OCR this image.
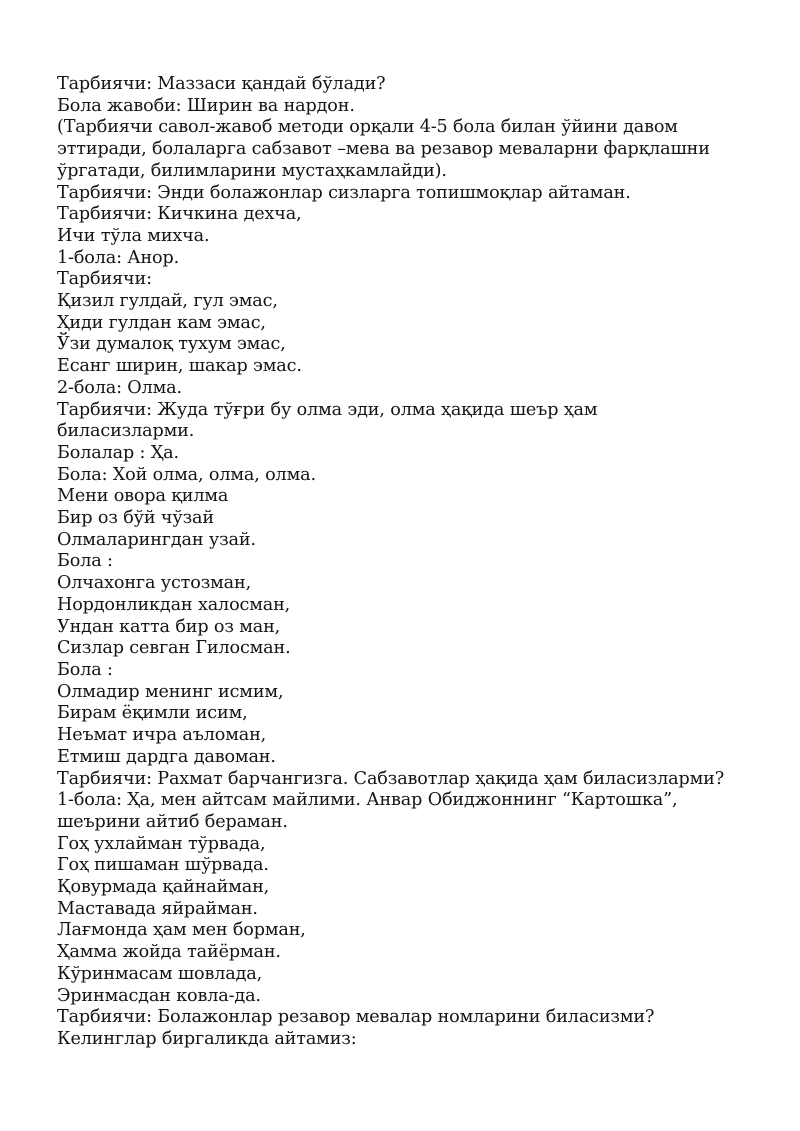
Тарбиячи: Маззаси қандай бўлади?
Бола жавоби: Ширин ва нардон.
(Тарбиячи савол-жавоб методи орқали 4-5 бола билан ўйини давом
эттиради, болаларга сабзавот –мева ва резавор меваларни фарқлашни
ўргатади, билимларини мустаҳкамлайди).
Тарбиячи: Энди болажонлар сизларга топишмоқлар айтаман.
Тарбиячи: Кичкина дехча,
Ичи тўла михча.
1-бола: Анор.
Тарбиячи:
Қизил гулдай, гул эмас,
Ҳиди гулдан кам эмас,
Ўзи думалоқ тухум эмас,
Есанг ширин, шакар эмас.
2-бола: Олма.
Тарбиячи: Жуда тўғри бу олма эди, олма ҳақида шеър ҳам
биласизларми.
Болалар : Ҳа.
Бола: Хой олма, олма, олма.
Мени овора қилма
Бир оз бўй чўзай
Олмаларингдан узай.
Бола :
Олчахонга устозман,
Нордонликдан халосман,
Ундан катта бир оз ман,
Сизлар севган Гилосман.
Бола :
Олмадир менинг исмим,
Бирам ёқимли исим,
Неъмат ичра аъломан,
Етмиш дардга давоман.
Тарбиячи: Рахмат барчангизга. Сабзавотлар ҳақида ҳам биласизларми?
1-бола: Ҳа, мен айтсам майлими. Анвар Обиджоннинг “Картошка”,
шеърини айтиб бераман.
Гоҳ ухлайман тўрвада,
Гоҳ пишаман шўрвада.
Қовурмада қайнайман,
Маставада яйрайман.
Лағмонда ҳам мен борман,
Ҳамма жойда тайёрман.
Кўринмасам шовлада,
Эринмасдан ковла-да.
Тарбиячи: Болажонлар резавор мевалар номларини биласизми?
Келинглар биргаликда айтамиз:
